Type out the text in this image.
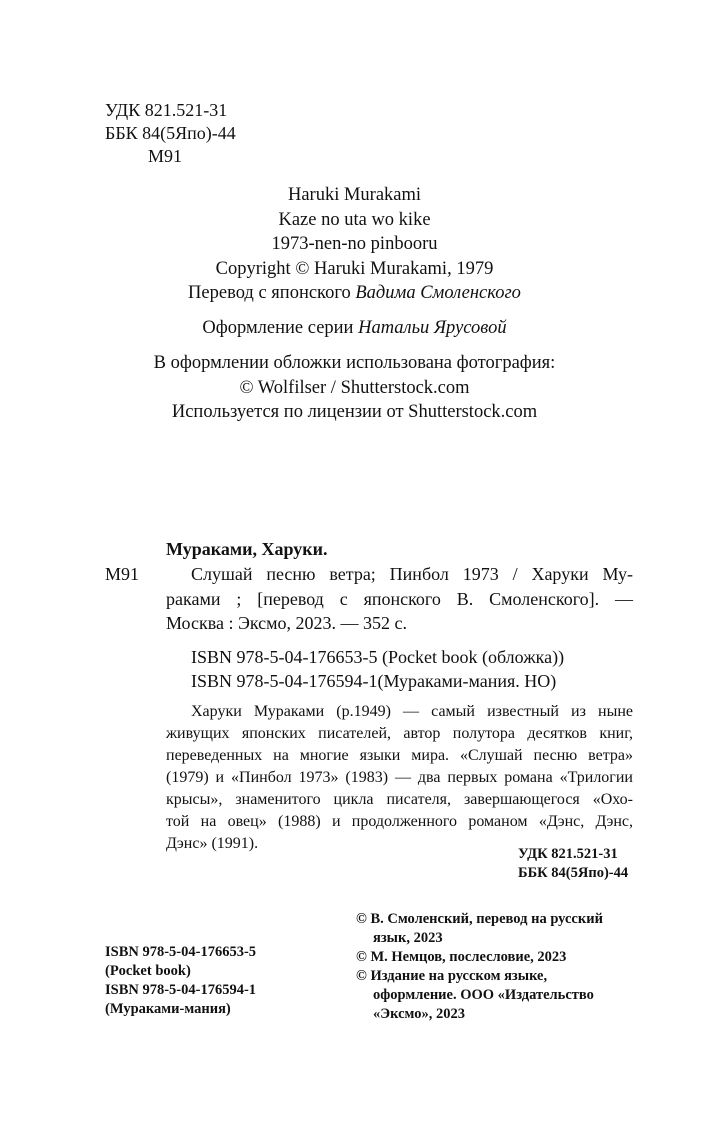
УДК 821.521-31
ББК 84(5Япо)-44
М91
Haruki Murakami
Kaze no uta wo kike
1973-nen-no pinbooru
Copyright © Haruki Murakami, 1979
Перевод с японского Вадима Смоленского
Оформление серии Натальи Ярусовой
В оформлении обложки использована фотография:
© Wolfilser / Shutterstock.com
Используется по лицензии от Shutterstock.com
Мураками, Харуки.
М91	Слушай песню ветра; Пинбол 1973 / Харуки Му-
раками ; [перевод с японского В. Смоленского]. —
Москва : Эксмо, 2023. — 352 с.
ISBN 978-5-04-176653-5 (Pocket book (обложка))
ISBN 978-5-04-176594-1(Мураками-мания. НО)
Харуки Мураками (р.1949) — самый известный из ныне
живущих японских писателей, автор полутора десятков книг,
переведенных на многие языки мира. «Слушай песню ветра»
(1979) и «Пинбол 1973» (1983) — два первых романа «Трилогии
крысы», знаменитого цикла писателя, завершающегося «Охо-
той на овец» (1988) и продолженного романом «Дэнс, Дэнс,
Дэнс» (1991).
УДК 821.521-31
ББК 84(5Япо)-44
© В. Смоленский, перевод на русский
язык, 2023
© М. Немцов, послесловие, 2023
© Издание на русском языке,
оформление. ООО «Издательство
«Эксмо», 2023
ISBN 978-5-04-176653-5
(Pocket book)
ISBN 978-5-04-176594-1
(Мураками-мания)
